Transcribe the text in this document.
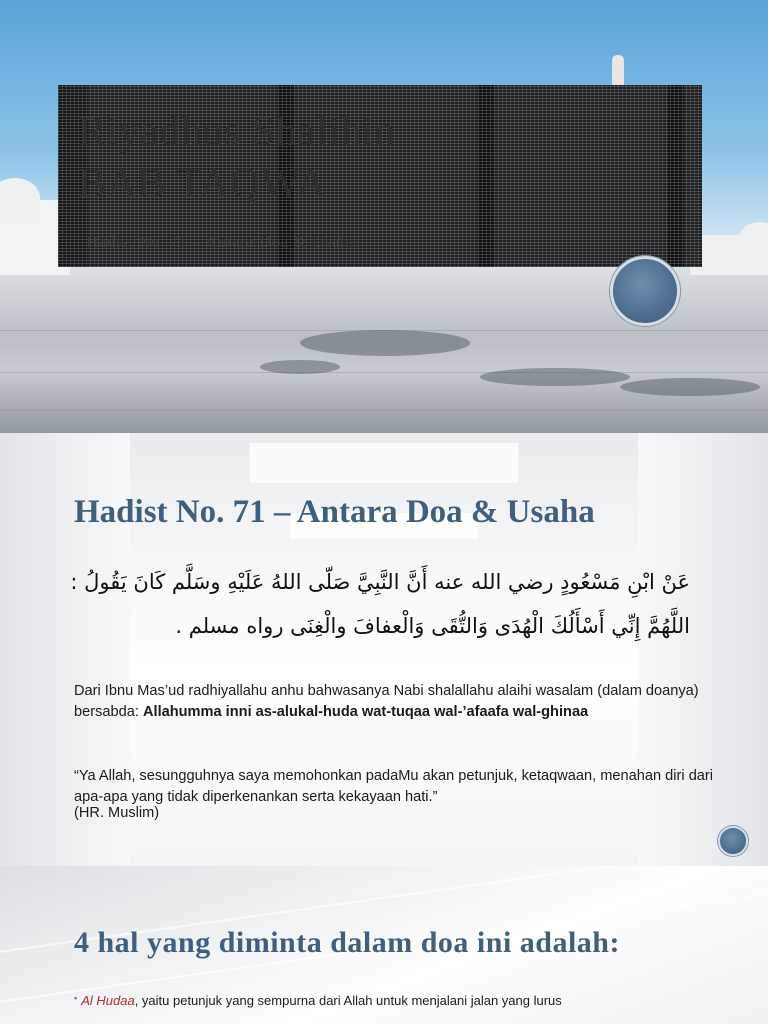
Riyadhus Shalihin
BAB TAQWA
Hadist No. 71 – Antara Doa & Usaha
Hadist No. 71 – Antara Doa & Usaha
عَنْ ابْنِ مَسْعُودٍ رضي الله عنه أَنَّ النَّبِيَّ صَلّى اللهُ عَلَيْهِ وسَلَّم كَانَ يَقُولُ :
اللَّهُمَّ إِنِّي أَسْأَلُكَ الْهُدَى وَالتُّقَى وَالْعفافَ والْغِنَى رواه مسلم .
Dari Ibnu Mas’ud radhiyallahu anhu bahwasanya Nabi shalallahu alaihi wasalam (dalam doanya) bersabda: Allahumma inni as-alukal-huda wat-tuqaa wal-’afaafa wal-ghinaa
“Ya Allah, sesungguhnya saya memohonkan padaMu akan petunjuk, ketaqwaan, menahan diri dari apa-apa yang tidak diperkenankan serta kekayaan hati.”
(HR. Muslim)
4 hal yang diminta dalam doa ini adalah:
▪ Al Hudaa, yaitu petunjuk yang sempurna dari Allah untuk menjalani jalan yang lurus
